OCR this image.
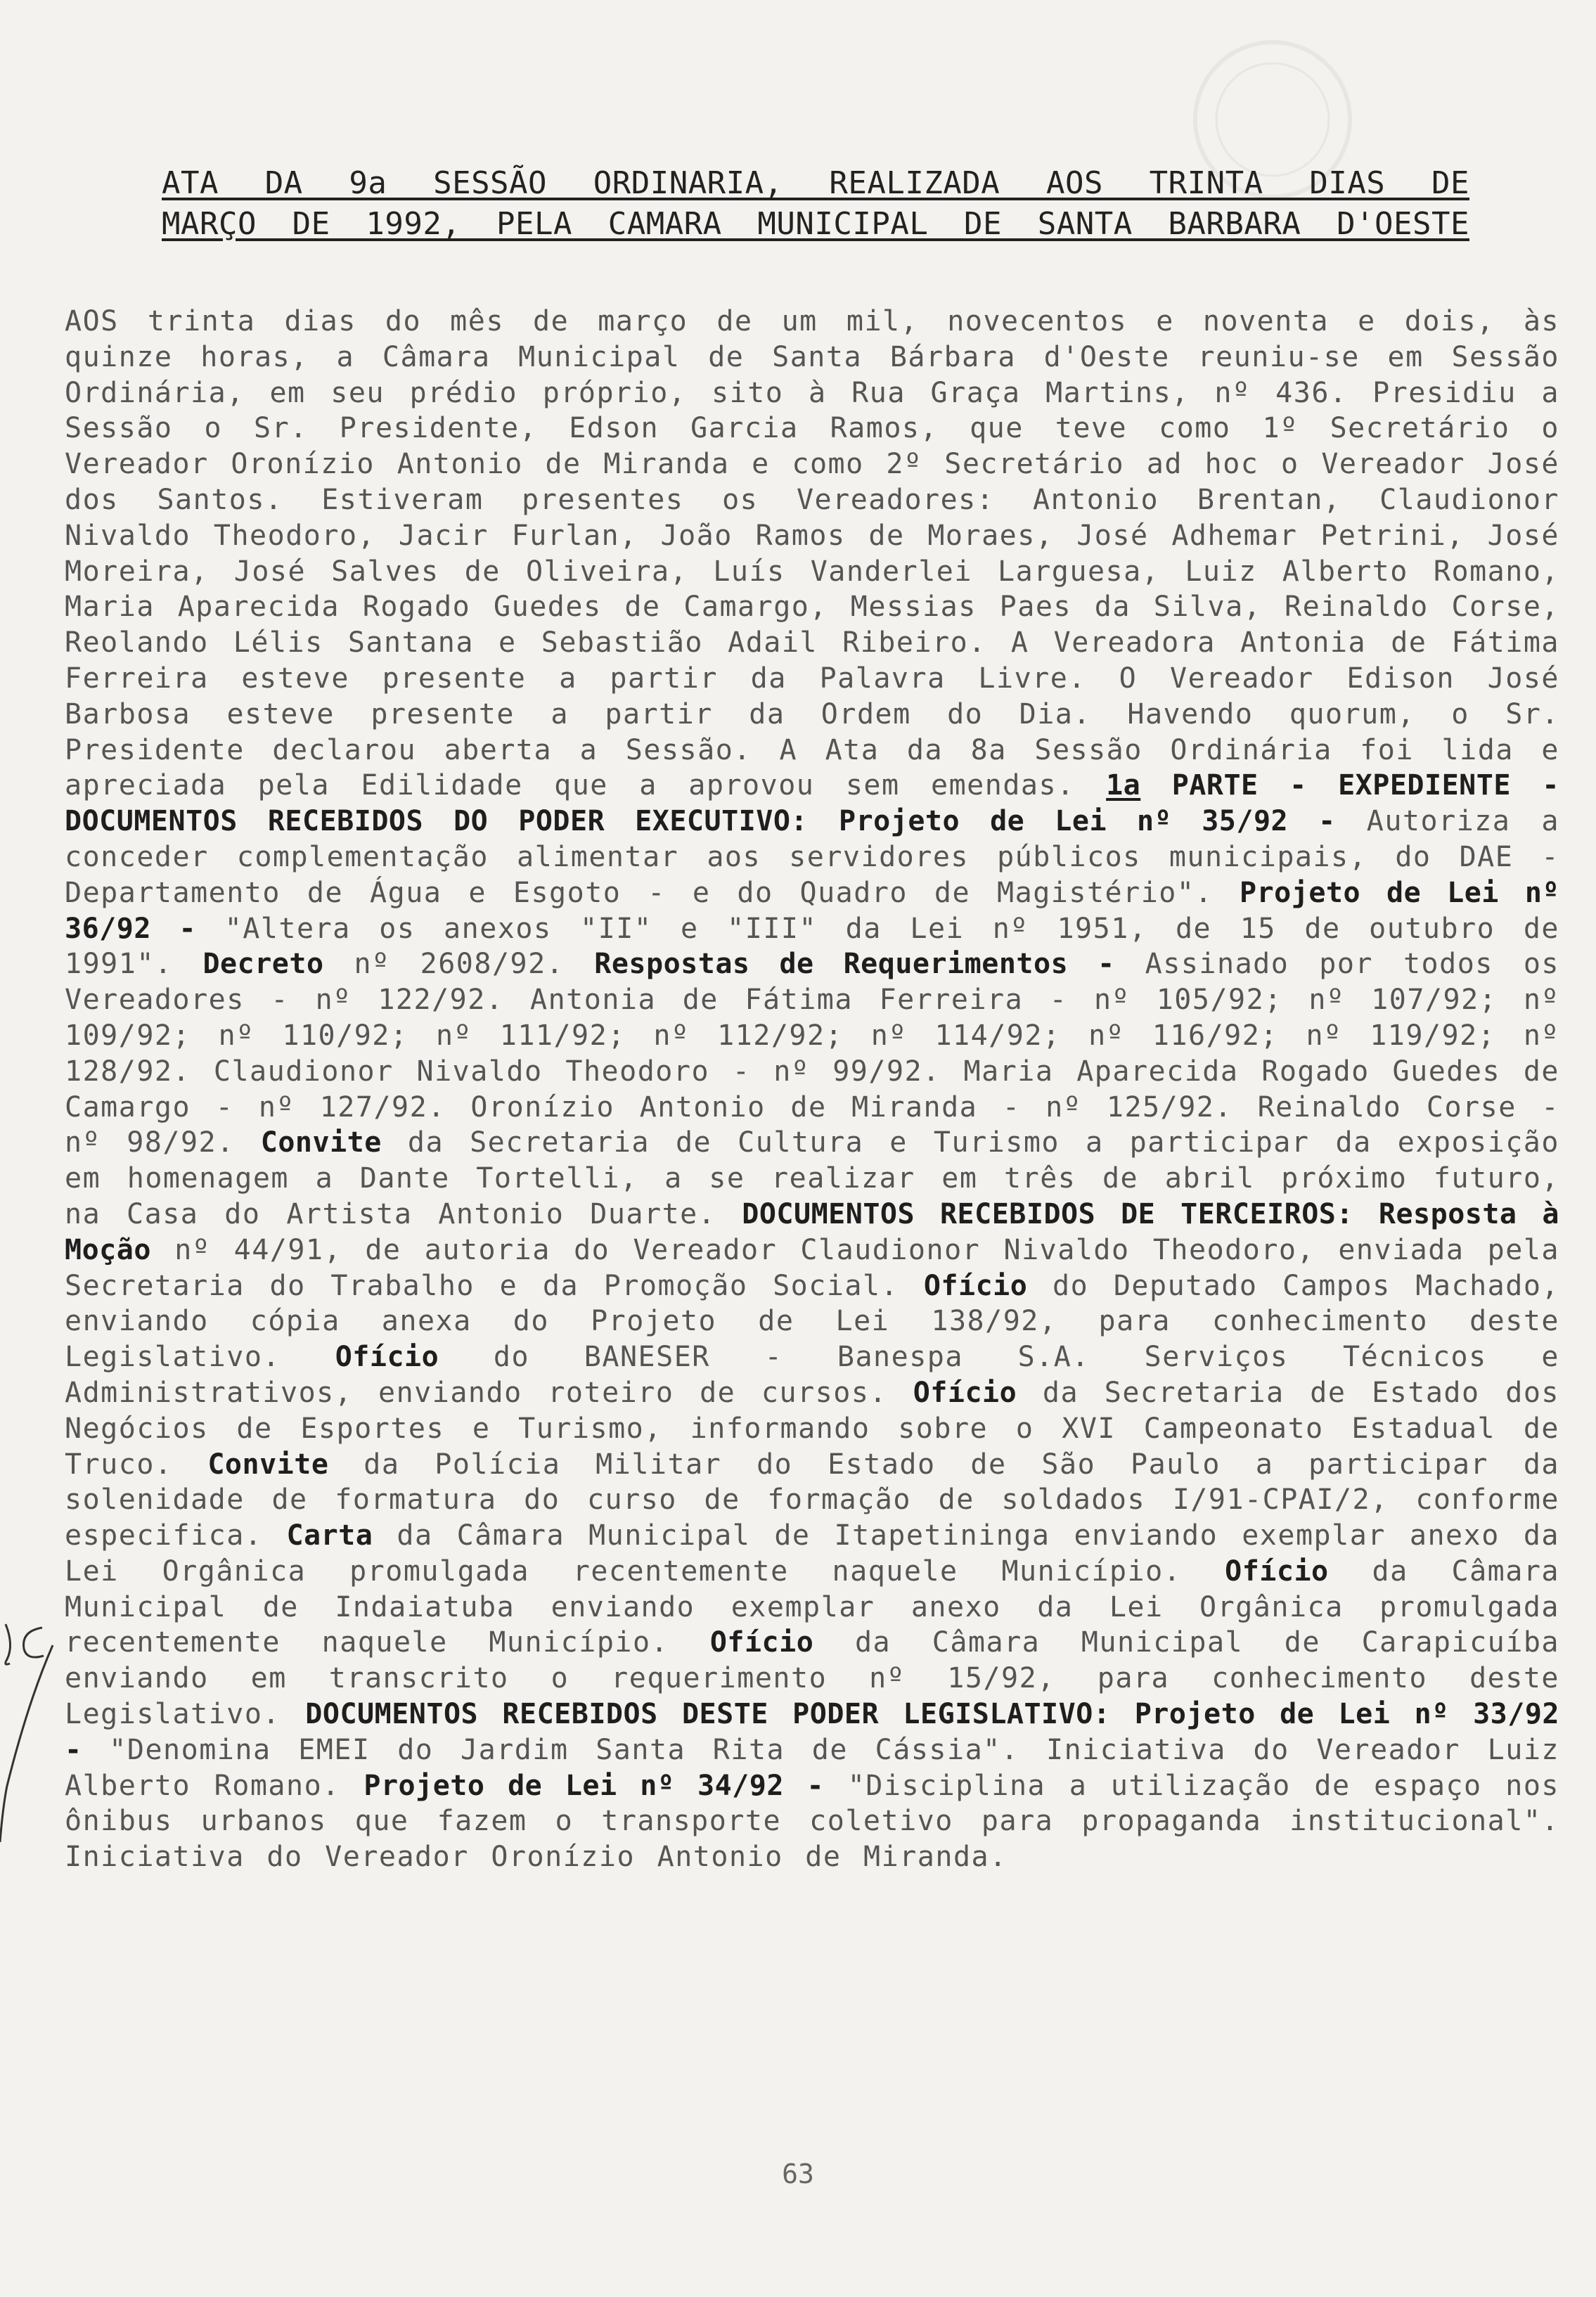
ATA DA 9a SESSÃO ORDINARIA, REALIZADA AOS TRINTA DIAS DE
MARÇO DE 1992, PELA CAMARA MUNICIPAL DE SANTA BARBARA D'OESTE
AOS trinta dias do mês de março de um mil, novecentos e noventa e dois, às quinze horas, a Câmara Municipal de Santa Bárbara d'Oeste reuniu-se em Sessão Ordinária, em seu prédio próprio, sito à Rua Graça Martins, nº 436. Presidiu a Sessão o Sr. Presidente, Edson Garcia Ramos, que teve como 1º Secretário o Vereador Oronízio Antonio de Miranda e como 2º Secretário ad hoc o Vereador José dos Santos. Estiveram presentes os Vereadores: Antonio Brentan, Claudionor Nivaldo Theodoro, Jacir Furlan, João Ramos de Moraes, José Adhemar Petrini, José Moreira, José Salves de Oliveira, Luís Vanderlei Larguesa, Luiz Alberto Romano, Maria Aparecida Rogado Guedes de Camargo, Messias Paes da Silva, Reinaldo Corse, Reolando Lélis Santana e Sebastião Adail Ribeiro. A Vereadora Antonia de Fátima Ferreira esteve presente a partir da Palavra Livre. O Vereador Edison José Barbosa esteve presente a partir da Ordem do Dia. Havendo quorum, o Sr. Presidente declarou aberta a Sessão. A Ata da 8a Sessão Ordinária foi lida e apreciada pela Edilidade que a aprovou sem emendas. 1a PARTE - EXPEDIENTE - DOCUMENTOS RECEBIDOS DO PODER EXECUTIVO: Projeto de Lei nº 35/92 - Autoriza a conceder complementação alimentar aos servidores públicos municipais, do DAE - Departamento de Água e Esgoto - e do Quadro de Magistério". Projeto de Lei nº 36/92 - "Altera os anexos "II" e "III" da Lei nº 1951, de 15 de outubro de 1991". Decreto nº 2608/92. Respostas de Requerimentos - Assinado por todos os Vereadores - nº 122/92. Antonia de Fátima Ferreira - nº 105/92; nº 107/92; nº 109/92; nº 110/92; nº 111/92; nº 112/92; nº 114/92; nº 116/92; nº 119/92; nº 128/92. Claudionor Nivaldo Theodoro - nº 99/92. Maria Aparecida Rogado Guedes de Camargo - nº 127/92. Oronízio Antonio de Miranda - nº 125/92. Reinaldo Corse - nº 98/92. Convite da Secretaria de Cultura e Turismo a participar da exposição em homenagem a Dante Tortelli, a se realizar em três de abril próximo futuro, na Casa do Artista Antonio Duarte. DOCUMENTOS RECEBIDOS DE TERCEIROS: Resposta à Moção nº 44/91, de autoria do Vereador Claudionor Nivaldo Theodoro, enviada pela Secretaria do Trabalho e da Promoção Social. Ofício do Deputado Campos Machado, enviando cópia anexa do Projeto de Lei 138/92, para conhecimento deste Legislativo. Ofício do BANESER - Banespa S.A. Serviços Técnicos e Administrativos, enviando roteiro de cursos. Ofício da Secretaria de Estado dos Negócios de Esportes e Turismo, informando sobre o XVI Campeonato Estadual de Truco. Convite da Polícia Militar do Estado de São Paulo a participar da solenidade de formatura do curso de formação de soldados I/91-CPAI/2, conforme especifica. Carta da Câmara Municipal de Itapetininga enviando exemplar anexo da Lei Orgânica promulgada recentemente naquele Município. Ofício da Câmara Municipal de Indaiatuba enviando exemplar anexo da Lei Orgânica promulgada recentemente naquele Município. Ofício da Câmara Municipal de Carapicuíba enviando em transcrito o requerimento nº 15/92, para conhecimento deste Legislativo. DOCUMENTOS RECEBIDOS DESTE PODER LEGISLATIVO: Projeto de Lei nº 33/92 - "Denomina EMEI do Jardim Santa Rita de Cássia". Iniciativa do Vereador Luiz Alberto Romano. Projeto de Lei nº 34/92 - "Disciplina a utilização de espaço nos ônibus urbanos que fazem o transporte coletivo para propaganda institucional". Iniciativa do Vereador Oronízio Antonio de Miranda.
63
